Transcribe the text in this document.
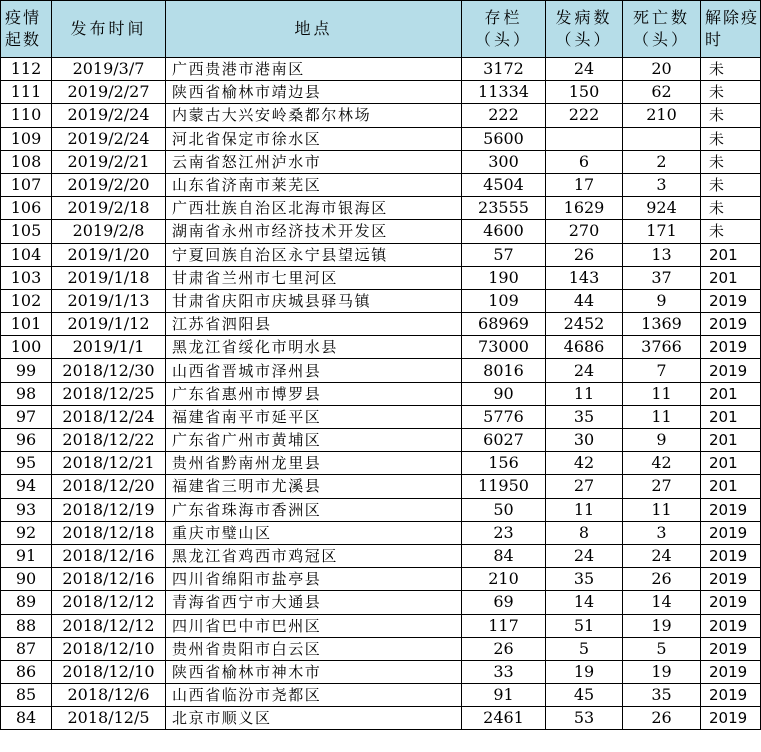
疫情起数	发布时间	地点	存栏（头）	发病数（头）	死亡数（头）	解除疫时
112	2019/3/7	广西贵港市港南区	3172	24	20	未
111	2019/2/27	陕西省榆林市靖边县	11334	150	62	未
110	2019/2/24	内蒙古大兴安岭桑都尔林场	222	222	210	未
109	2019/2/24	河北省保定市徐水区	5600			未
108	2019/2/21	云南省怒江州泸水市	300	6	2	未
107	2019/2/20	山东省济南市莱芜区	4504	17	3	未
106	2019/2/18	广西壮族自治区北海市银海区	23555	1629	924	未
105	2019/2/8	湖南省永州市经济技术开发区	4600	270	171	未
104	2019/1/20	宁夏回族自治区永宁县望远镇	57	26	13	201
103	2019/1/18	甘肃省兰州市七里河区	190	143	37	201
102	2019/1/13	甘肃省庆阳市庆城县驿马镇	109	44	9	2019
101	2019/1/12	江苏省泗阳县	68969	2452	1369	2019
100	2019/1/1	黑龙江省绥化市明水县	73000	4686	3766	2019
99	2018/12/30	山西省晋城市泽州县	8016	24	7	2019
98	2018/12/25	广东省惠州市博罗县	90	11	11	201
97	2018/12/24	福建省南平市延平区	5776	35	11	201
96	2018/12/22	广东省广州市黄埔区	6027	30	9	201
95	2018/12/21	贵州省黔南州龙里县	156	42	42	201
94	2018/12/20	福建省三明市尤溪县	11950	27	27	201
93	2018/12/19	广东省珠海市香洲区	50	11	11	2019
92	2018/12/18	重庆市璧山区	23	8	3	2019
91	2018/12/16	黑龙江省鸡西市鸡冠区	84	24	24	2019
90	2018/12/16	四川省绵阳市盐亭县	210	35	26	2019
89	2018/12/12	青海省西宁市大通县	69	14	14	2019
88	2018/12/12	四川省巴中市巴州区	117	51	19	2019
87	2018/12/10	贵州省贵阳市白云区	26	5	5	2019
86	2018/12/10	陕西省榆林市神木市	33	19	19	2019
85	2018/12/6	山西省临汾市尧都区	91	45	35	2019
84	2018/12/5	北京市顺义区	2461	53	26	2019
